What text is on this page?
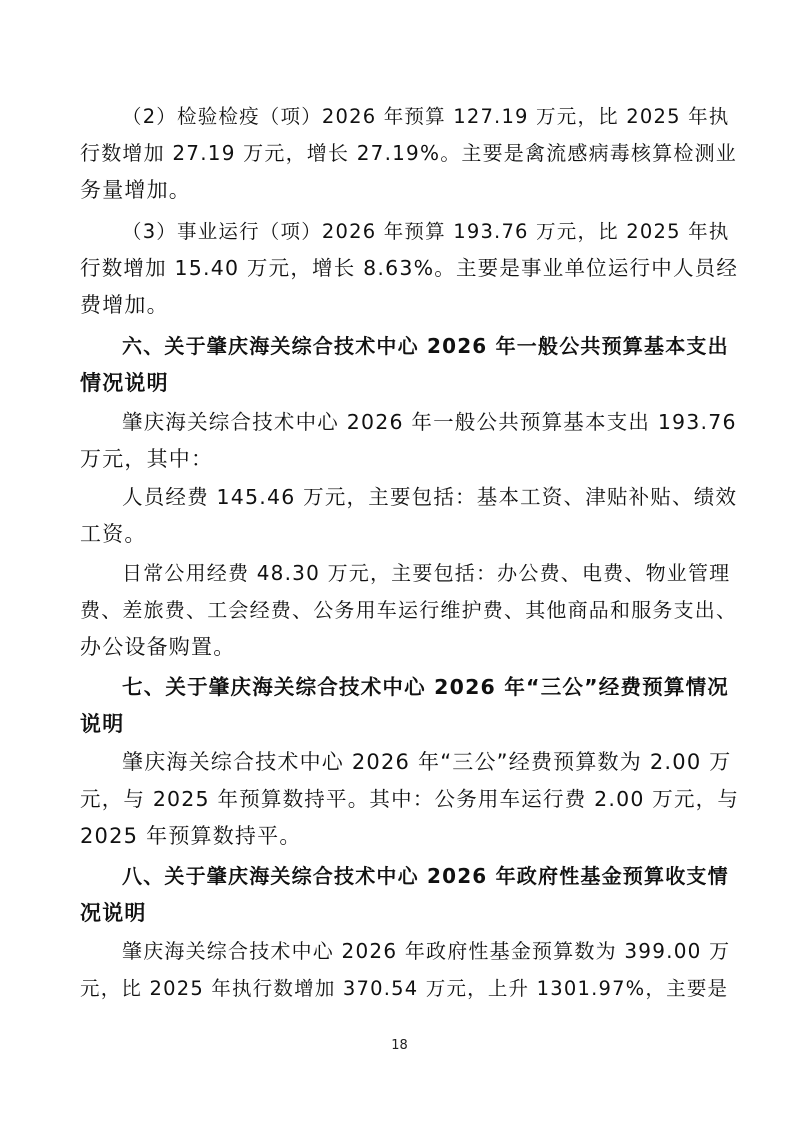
（2）检验检疫（项）2026 年预算 127.19 万元，比 2025 年执
行数增加 27.19 万元，增长 27.19%。主要是禽流感病毒核算检测业
务量增加。
（3）事业运行（项）2026 年预算 193.76 万元，比 2025 年执
行数增加 15.40 万元，增长 8.63%。主要是事业单位运行中人员经
费增加。
六、关于肇庆海关综合技术中心 2026 年一般公共预算基本支出
情况说明
肇庆海关综合技术中心 2026 年一般公共预算基本支出 193.76
万元，其中：
人员经费 145.46 万元，主要包括：基本工资、津贴补贴、绩效
工资。
日常公用经费 48.30 万元，主要包括：办公费、电费、物业管理
费、差旅费、工会经费、公务用车运行维护费、其他商品和服务支出、
办公设备购置。
七、关于肇庆海关综合技术中心 2026 年“三公”经费预算情况
说明
肇庆海关综合技术中心 2026 年“三公”经费预算数为 2.00 万
元，与 2025 年预算数持平。其中：公务用车运行费 2.00 万元，与
2025 年预算数持平。
八、关于肇庆海关综合技术中心 2026 年政府性基金预算收支情
况说明
肇庆海关综合技术中心 2026 年政府性基金预算数为 399.00 万
元，比 2025 年执行数增加 370.54 万元，上升 1301.97%，主要是
18
